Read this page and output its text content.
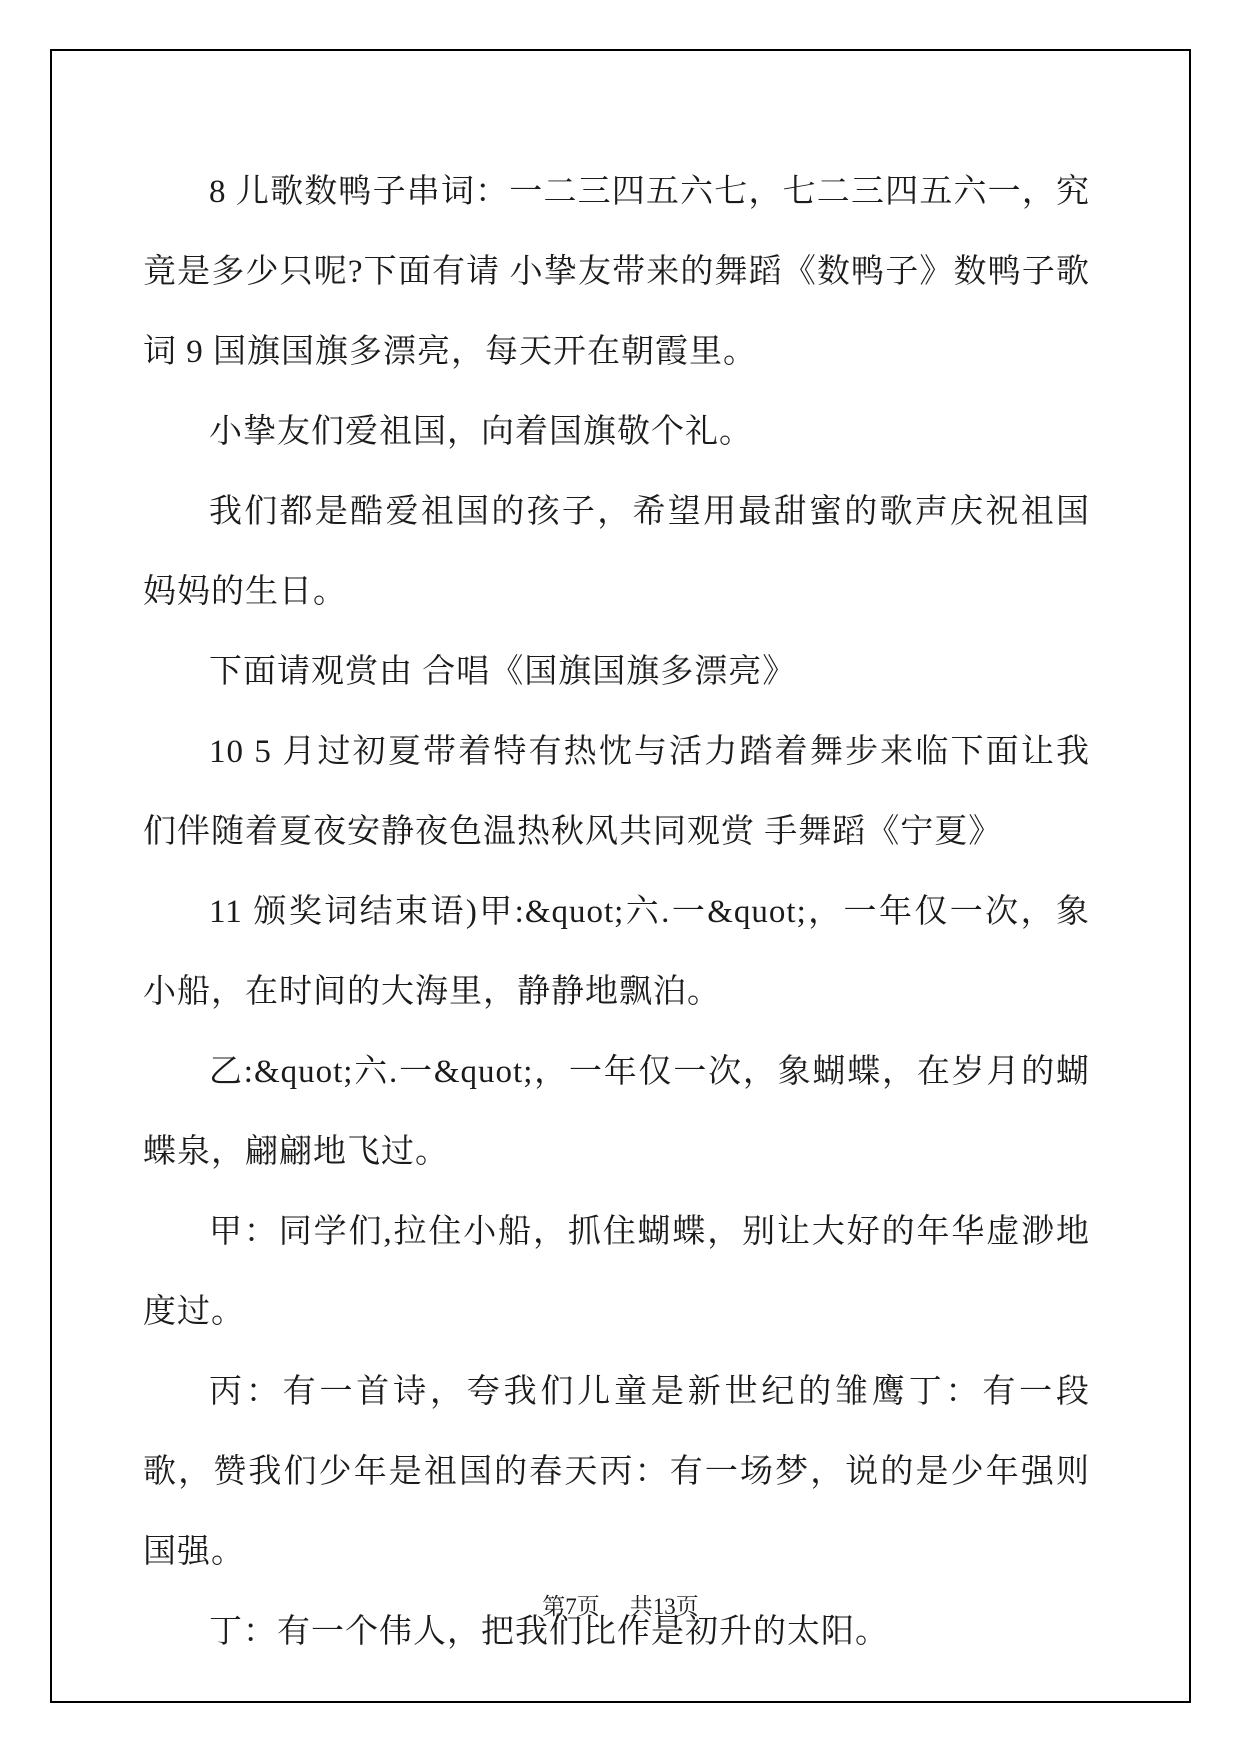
8 儿歌数鸭子串词：一二三四五六七，七二三四五六一，究竟是多少只呢?下面有请 小挚友带来的舞蹈《数鸭子》数鸭子歌词 9 国旗国旗多漂亮，每天开在朝霞里。

小挚友们爱祖国，向着国旗敬个礼。

我们都是酷爱祖国的孩子，希望用最甜蜜的歌声庆祝祖国妈妈的生日。

下面请观赏由 合唱《国旗国旗多漂亮》

10 5 月过初夏带着特有热忱与活力踏着舞步来临下面让我们伴随着夏夜安静夜色温热秋风共同观赏 手舞蹈《宁夏》

11 颁奖词结束语)甲:&quot;六.一&quot;，一年仅一次，象小船，在时间的大海里，静静地飘泊。

乙:&quot;六.一&quot;，一年仅一次，象蝴蝶，在岁月的蝴蝶泉，翩翩地飞过。

甲：同学们,拉住小船，抓住蝴蝶，别让大好的年华虚渺地度过。

丙：有一首诗，夸我们儿童是新世纪的雏鹰丁：有一段歌，赞我们少年是祖国的春天丙：有一场梦，说的是少年强则国强。

丁：有一个伟人，把我们比作是初升的太阳。

第7页 共13页
